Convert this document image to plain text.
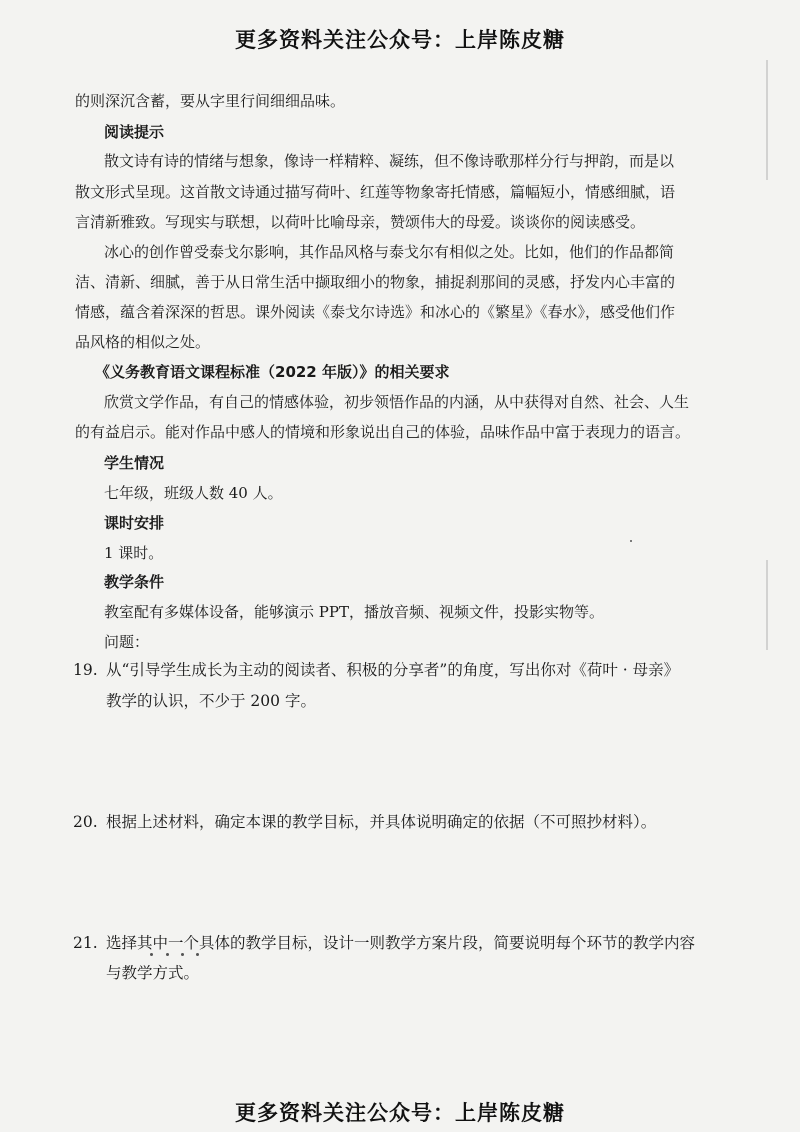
更多资料关注公众号：上岸陈皮糖
的则深沉含蓄，要从字里行间细细品味。
阅读提示
散文诗有诗的情绪与想象，像诗一样精粹、凝练，但不像诗歌那样分行与押韵，而是以
散文形式呈现。这首散文诗通过描写荷叶、红莲等物象寄托情感，篇幅短小，情感细腻，语
言清新雅致。写现实与联想，以荷叶比喻母亲，赞颂伟大的母爱。谈谈你的阅读感受。
冰心的创作曾受泰戈尔影响，其作品风格与泰戈尔有相似之处。比如，他们的作品都简
洁、清新、细腻，善于从日常生活中撷取细小的物象，捕捉刹那间的灵感，抒发内心丰富的
情感，蕴含着深深的哲思。课外阅读《泰戈尔诗选》和冰心的《繁星》《春水》，感受他们作
品风格的相似之处。
《义务教育语文课程标准（2022 年版）》的相关要求
欣赏文学作品，有自己的情感体验，初步领悟作品的内涵，从中获得对自然、社会、人生
的有益启示。能对作品中感人的情境和形象说出自己的体验，品味作品中富于表现力的语言。
学生情况
七年级，班级人数 40 人。
课时安排
1 课时。
教学条件
教室配有多媒体设备，能够演示 PPT，播放音频、视频文件，投影实物等。
问题：
19. 从“引导学生成长为主动的阅读者、积极的分享者”的角度，写出你对《荷叶 · 母亲》
教学的认识，不少于 200 字。
20. 根据上述材料，确定本课的教学目标，并具体说明确定的依据（不可照抄材料）。
21. 选择其中一个具体的教学目标，设计一则教学方案片段，简要说明每个环节的教学内容
与教学方式。
更多资料关注公众号：上岸陈皮糖
